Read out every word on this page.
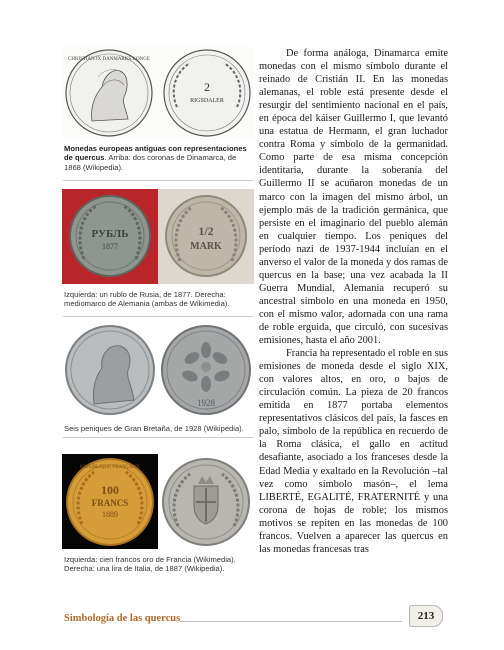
CHRISTIAN IX DANMARKS KONGE
2
RIGSDALER
Monedas europeas antiguas con representaciones de quercus. Arriba: dos coronas de Dinamarca, de 1868 (Wikipedia).
РУБЛЬ
1877
1/2
MARK
Izquierda: un rublo de Rusia, de 1877. Derecha: mediomarco de Alemania (ambas de Wikimedia).
1928
Seis peniques de Gran Bretaña, de 1928 (Wikipedia).
REPUBLIQUE FRANÇAISE
100
FRANCS
1889
Izquierda: cien francos oro de Francia (Wikimedia). Derecha: una lira de Italia, de 1887 (Wikipedia).

De forma análoga, Dinamarca emite monedas con el mismo símbolo durante el reinado de Cristián II. En las monedas alemanas, el roble está presente desde el resurgir del sentimiento nacional en el país, en época del káiser Guillermo I, que levantó una estatua de Hermann, el gran luchador contra Roma y símbolo de la germanidad. Como parte de esa misma concepción identitaria, durante la soberanía del Guillermo II se acuñaron monedas de un marco con la imagen del mismo árbol, un ejemplo más de la tradición germánica, que persiste en el imaginario del pueblo alemán en cualquier tiempo. Los peniques del período nazi de 1937-1944 incluían en el anverso el valor de la moneda y dos ramas de quercus en la base; una vez acabada la II Guerra Mundial, Alemania recuperó su ancestral símbolo en una moneda en 1950, con el mismo valor, adornada con una rama de roble erguida, que circuló, con sucesivas emisiones, hasta el año 2001.

Francia ha representado el roble en sus emisiones de moneda desde el siglo XIX, con valores altos, en oro, o bajos de circulación común. La pieza de 20 francos emitida en 1877 portaba elementos representativos clásicos del país, la fasces en palo, símbolo de la república en recuerdo de la Roma clásica, el gallo en actitud desafiante, asociado a los franceses desde la Edad Media y exaltado en la Revolución –tal vez como símbolo masón–, el lema LIBERTÉ, EGALITÉ, FRATERNITÉ y una corona de hojas de roble; los mismos motivos se repiten en las monedas de 100 francos. Vuelven a aparecer las quercus en las monedas francesas tras

Simbología de las quercus	213
